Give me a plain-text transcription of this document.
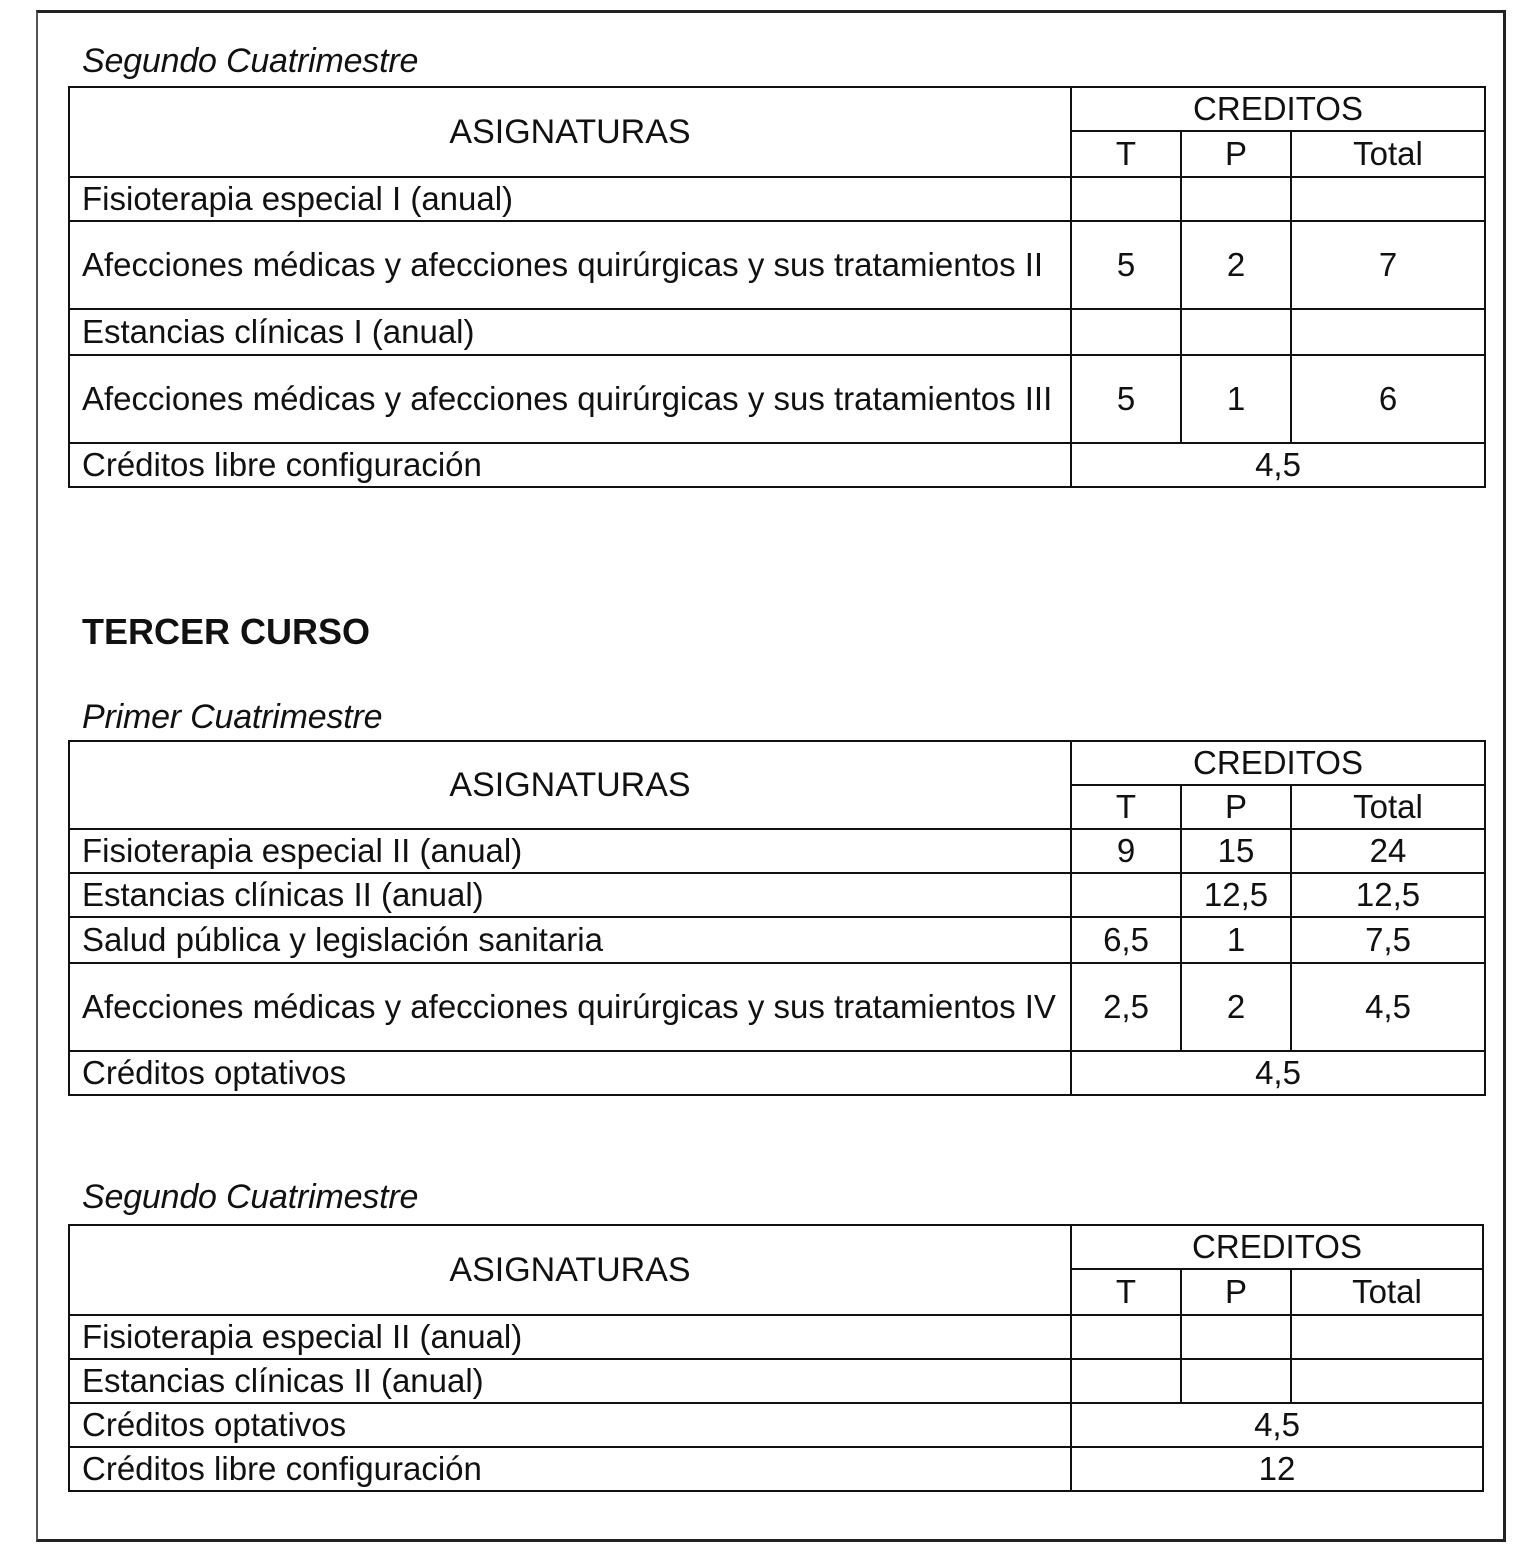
Segundo Cuatrimestre
ASIGNATURAS	CREDITOS		
	T	P	Total
Fisioterapia especial I (anual)			
Afecciones médicas y afecciones quirúrgicas y sus tratamientos II	5	2	7
Estancias clínicas I (anual)			
Afecciones médicas y afecciones quirúrgicas y sus tratamientos III	5	1	6
Créditos libre configuración	4,5		
TERCER CURSO
Primer Cuatrimestre
ASIGNATURAS	CREDITOS		
	T	P	Total
Fisioterapia especial II (anual)	9	15	24
Estancias clínicas II (anual)		12,5	12,5
Salud pública y legislación sanitaria	6,5	1	7,5
Afecciones médicas y afecciones quirúrgicas y sus tratamientos IV	2,5	2	4,5
Créditos optativos	4,5		
Segundo Cuatrimestre
ASIGNATURAS	CREDITOS		
	T	P	Total
Fisioterapia especial II (anual)			
Estancias clínicas II (anual)			
Créditos optativos	4,5		
Créditos libre configuración	12		
